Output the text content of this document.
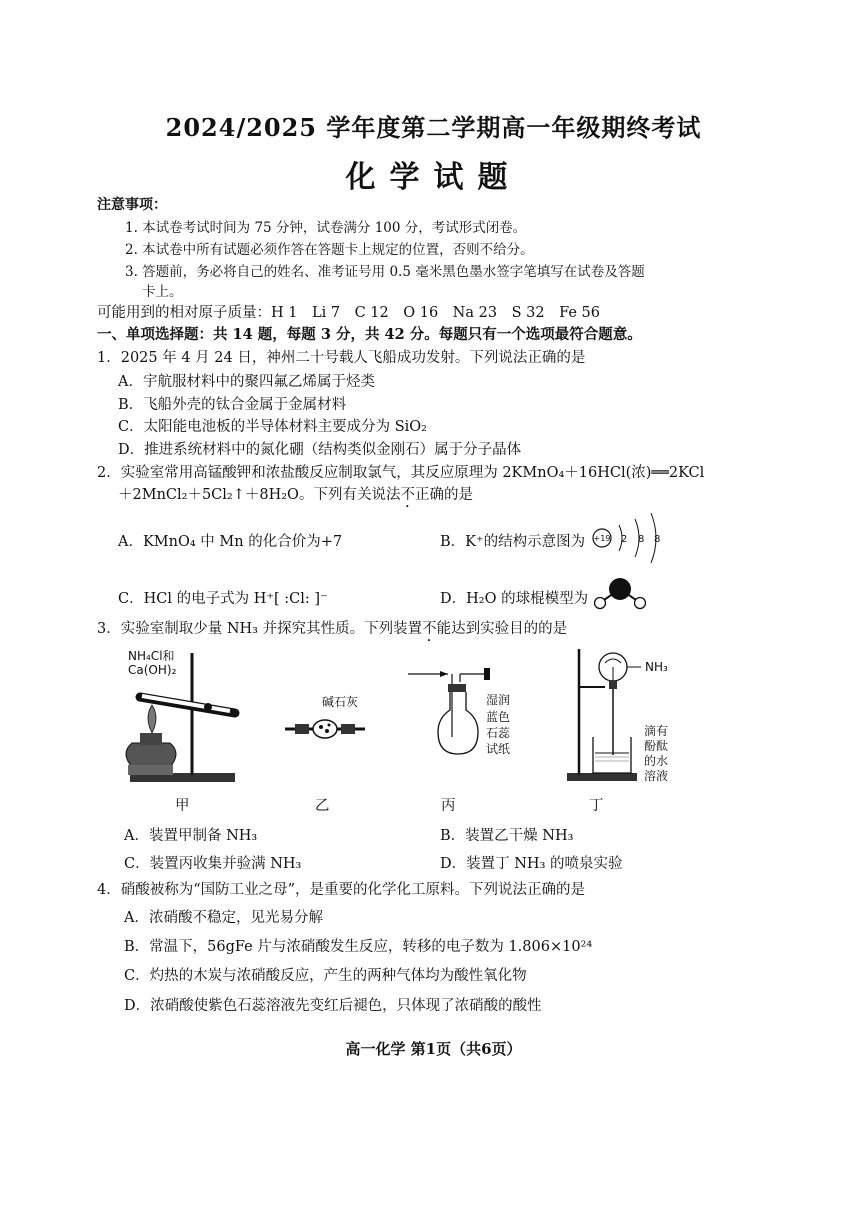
2024/2025 学年度第二学期高一年级期终考试
化学试题
注意事项：
1. 本试卷考试时间为 75 分钟，试卷满分 100 分，考试形式闭卷。
2. 本试卷中所有试题必须作答在答题卡上规定的位置，否则不给分。
3. 答题前，务必将自己的姓名、准考证号用 0.5 毫米黑色墨水签字笔填写在试卷及答题
卡上。
可能用到的相对原子质量：H 1　Li 7　C 12　O 16　Na 23　S 32　Fe 56
一、单项选择题：共 14 题，每题 3 分，共 42 分。每题只有一个选项最符合题意。
1．2025 年 4 月 24 日，神州二十号载人飞船成功发射。下列说法正确的是
A．宇航服材料中的聚四氟乙烯属于烃类
B．飞船外壳的钛合金属于金属材料
C．太阳能电池板的半导体材料主要成分为 SiO₂
D．推进系统材料中的氮化硼（结构类似金刚石）属于分子晶体
2．实验室常用高锰酸钾和浓盐酸反应制取氯气，其反应原理为 2KMnO₄＋16HCl(浓)══2KCl
＋2MnCl₂＋5Cl₂↑＋8H₂O。下列有关说法不正确的是
A．KMnO₄ 中 Mn 的化合价为+7	B．K⁺的结构示意图为 +19 2 8 8
C．HCl 的电子式为 H⁺[ :Cl: ]⁻	D．H₂O 的球棍模型为
3．实验室制取少量 NH₃ 并探究其性质。下列装置不能达到实验目的的是
NH₄Cl和
Ca(OH)₂
碱石灰	湿润
蓝色
石蕊
试纸
NH₃
滴有
酚酞
的水
溶液
甲	乙	丙	丁
A．装置甲制备 NH₃	B．装置乙干燥 NH₃
C．装置丙收集并验满 NH₃	D．装置丁 NH₃ 的喷泉实验
4．硝酸被称为“国防工业之母”，是重要的化学化工原料。下列说法正确的是
A．浓硝酸不稳定，见光易分解
B．常温下，56gFe 片与浓硝酸发生反应，转移的电子数为 1.806×10²⁴
C．灼热的木炭与浓硝酸反应，产生的两种气体均为酸性氧化物
D．浓硝酸使紫色石蕊溶液先变红后褪色，只体现了浓硝酸的酸性
高一化学 第1页（共6页）
